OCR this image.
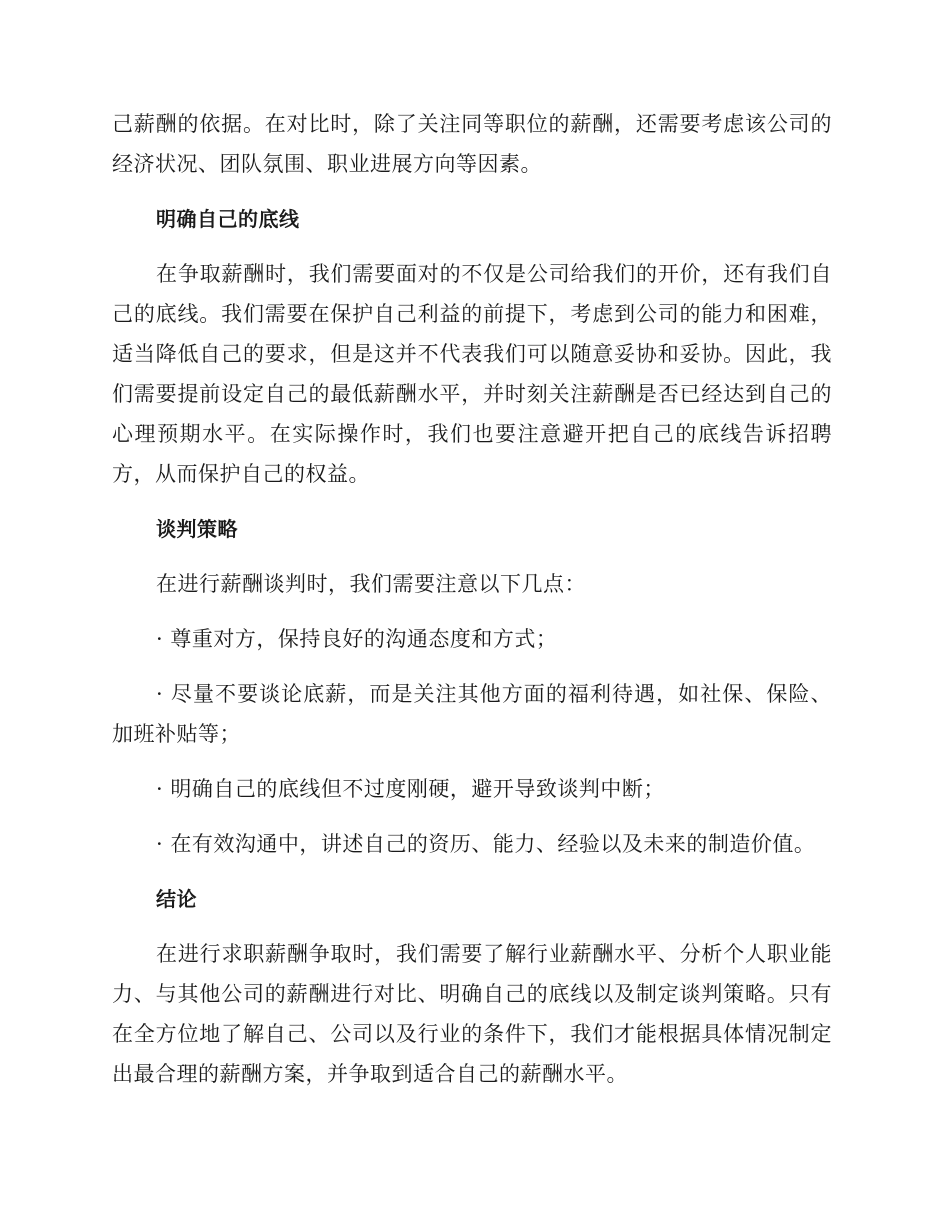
己薪酬的依据。在对比时，除了关注同等职位的薪酬，还需要考虑该公司的经济状况、团队氛围、职业进展方向等因素。

明确自己的底线

在争取薪酬时，我们需要面对的不仅是公司给我们的开价，还有我们自己的底线。我们需要在保护自己利益的前提下，考虑到公司的能力和困难，适当降低自己的要求，但是这并不代表我们可以随意妥协和妥协。因此，我们需要提前设定自己的最低薪酬水平，并时刻关注薪酬是否已经达到自己的心理预期水平。在实际操作时，我们也要注意避开把自己的底线告诉招聘方，从而保护自己的权益。

谈判策略

在进行薪酬谈判时，我们需要注意以下几点：

· 尊重对方，保持良好的沟通态度和方式；

· 尽量不要谈论底薪，而是关注其他方面的福利待遇，如社保、保险、加班补贴等；

· 明确自己的底线但不过度刚硬，避开导致谈判中断；

· 在有效沟通中，讲述自己的资历、能力、经验以及未来的制造价值。

结论

在进行求职薪酬争取时，我们需要了解行业薪酬水平、分析个人职业能力、与其他公司的薪酬进行对比、明确自己的底线以及制定谈判策略。只有在全方位地了解自己、公司以及行业的条件下，我们才能根据具体情况制定出最合理的薪酬方案，并争取到适合自己的薪酬水平。
